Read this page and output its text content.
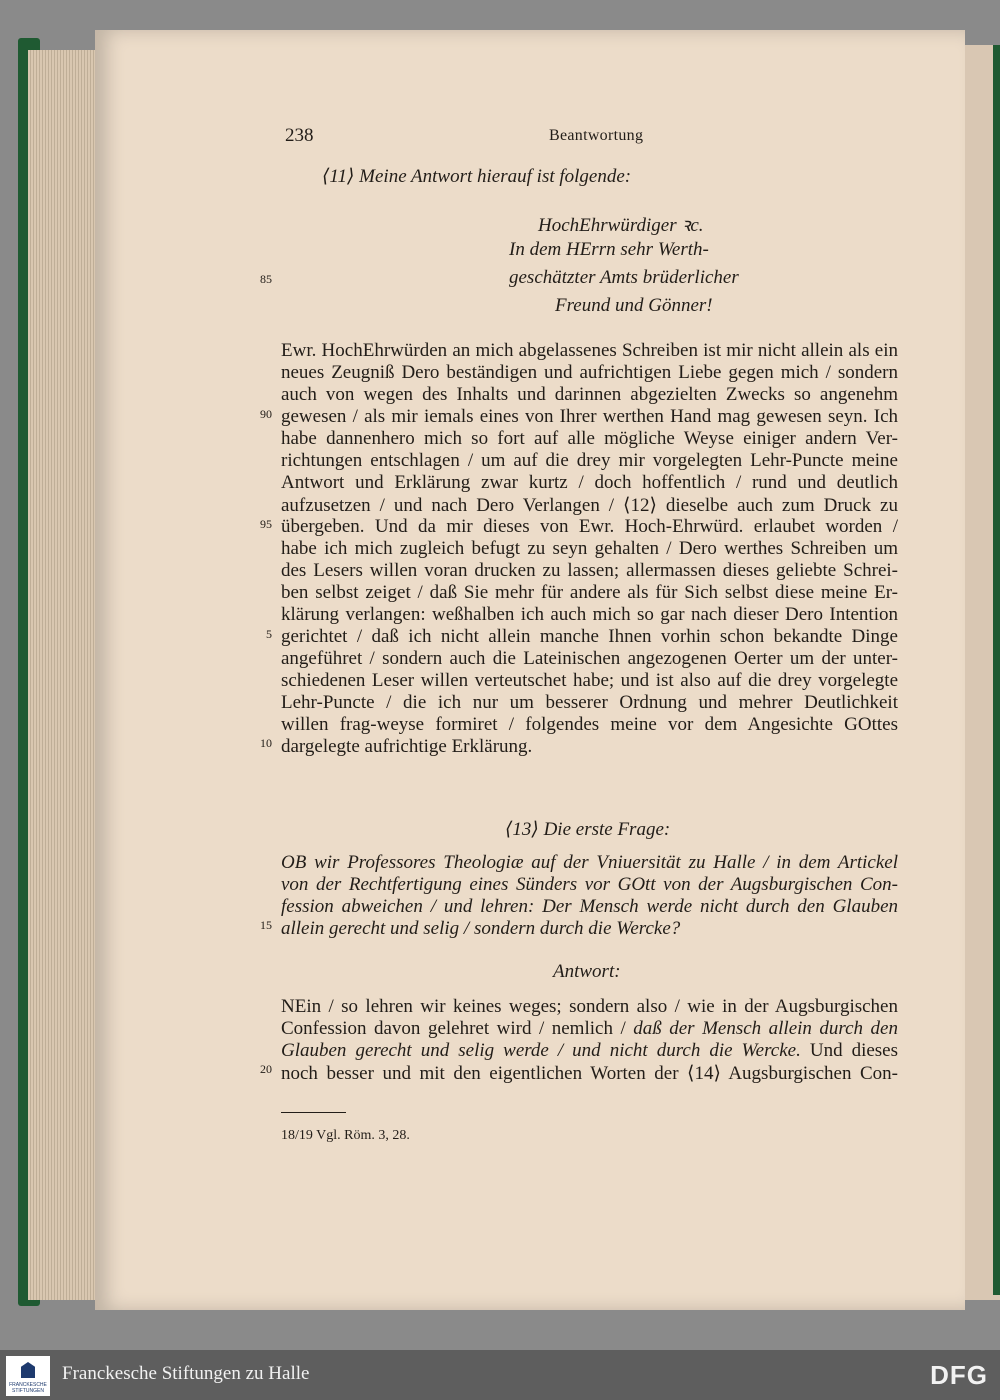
238	Beantwortung
⟨11⟩ Meine Antwort hierauf ist folgende:
HochEhrwürdiger ꝛc.
In dem HErrn sehr Werth-
geschätzter Amts brüderlicher
Freund und Gönner!
85
90
95
5
10
15
20
Ewr. HochEhrwürden an mich abgelassenes Schreiben ist mir nicht allein als ein
neues Zeugniß Dero beständigen und aufrichtigen Liebe gegen mich / sondern
auch von wegen des Inhalts und darinnen abgezielten Zwecks so angenehm
gewesen / als mir iemals eines von Ihrer werthen Hand mag gewesen seyn. Ich
habe dannenhero mich so fort auf alle mögliche Weyse einiger andern Ver-
richtungen entschlagen / um auf die drey mir vorgelegten Lehr-Puncte meine
Antwort und Erklärung zwar kurtz / doch hoffentlich / rund und deutlich
aufzusetzen / und nach Dero Verlangen / ⟨12⟩ dieselbe auch zum Druck zu
übergeben. Und da mir dieses von Ewr. Hoch-Ehrwürd. erlaubet worden /
habe ich mich zugleich befugt zu seyn gehalten / Dero werthes Schreiben um
des Lesers willen voran drucken zu lassen; allermassen dieses geliebte Schrei-
ben selbst zeiget / daß Sie mehr für andere als für Sich selbst diese meine Er-
klärung verlangen: weßhalben ich auch mich so gar nach dieser Dero Intention
gerichtet / daß ich nicht allein manche Ihnen vorhin schon bekandte Dinge
angeführet / sondern auch die Lateinischen angezogenen Oerter um der unter-
schiedenen Leser willen verteutschet habe; und ist also auf die drey vorgelegte
Lehr-Puncte / die ich nur um besserer Ordnung und mehrer Deutlichkeit
willen frag-weyse formiret / folgendes meine vor dem Angesichte GOttes
dargelegte aufrichtige Erklärung.
⟨13⟩ Die erste Frage:
OB wir Professores Theologiæ auf der Vniuersität zu Halle / in dem Artickel
von der Rechtfertigung eines Sünders vor GOtt von der Augsburgischen Con-
fession abweichen / und lehren: Der Mensch werde nicht durch den Glauben
allein gerecht und selig / sondern durch die Wercke?
Antwort:
NEin / so lehren wir keines weges; sondern also / wie in der Augsburgischen
Confession davon gelehret wird / nemlich / daß der Mensch allein durch den
Glauben gerecht und selig werde / und nicht durch die Wercke. Und dieses
noch besser und mit den eigentlichen Worten der ⟨14⟩ Augsburgischen Con-
18/19 Vgl. Röm. 3, 28.
FRANCKESCHE
STIFTUNGEN
Franckesche Stiftungen zu Halle	DFG
